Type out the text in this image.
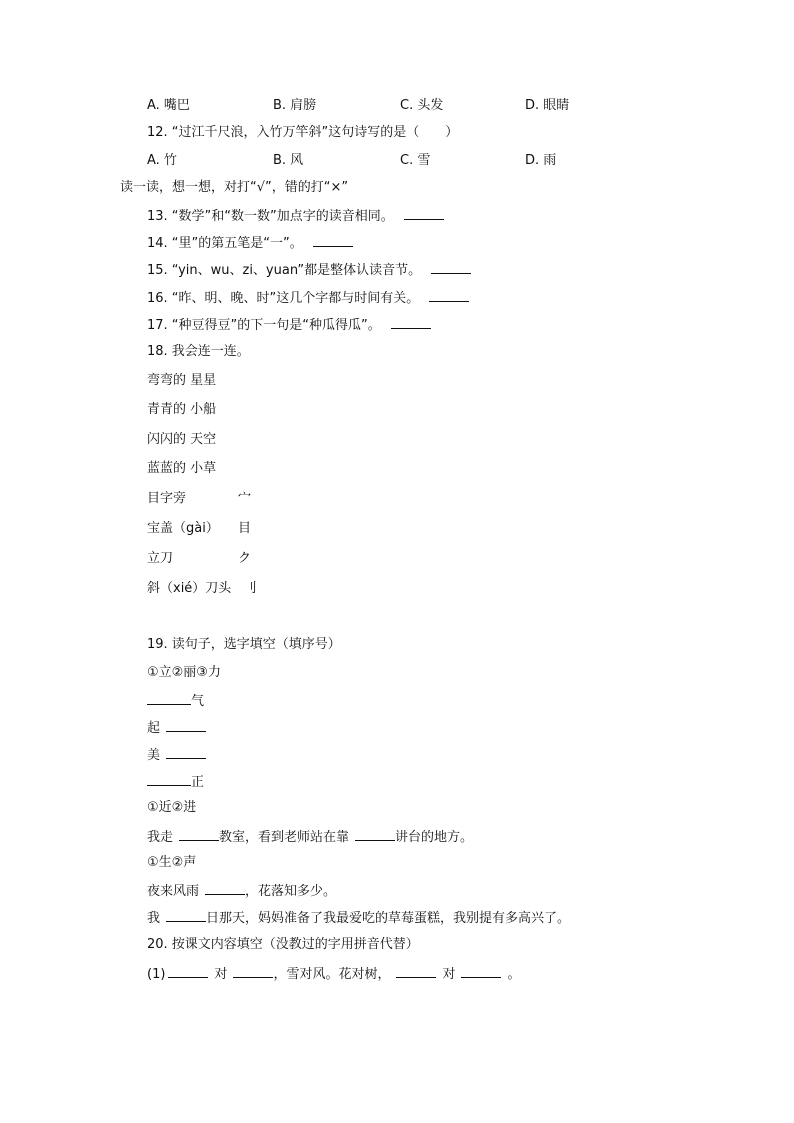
A. 嘴巴	B. 肩膀	C. 头发	D. 眼睛
12. “过江千尺浪，入竹万竿斜”这句诗写的是（　　）
A. 竹	B. 风	C. 雪	D. 雨
读一读，想一想，对打“√”，错的打“×”
13. “数学”和“数一数”加点字的读音相同。
14. “里”的第五笔是“一”。
15. “yin、wu、zi、yuan”都是整体认读音节。
16. “昨、明、晚、时”这几个字都与时间有关。
17. “种豆得豆”的下一句是“种瓜得瓜”。
18. 我会连一连。
弯弯的 星星
青青的 小船
闪闪的 天空
蓝蓝的 小草
目字旁	宀
宝盖（gài） 目
立刀	ク
斜（xié）刀头 刂
19. 读句子，选字填空（填序号）
①立②丽③力
气
起
美
正
①近②进
我走	教室，看到老师站在靠	讲台的地方。
①生②声
夜来风雨	，花落知多少。
我	日那天，妈妈准备了我最爱吃的草莓蛋糕，我别提有多高兴了。
20. 按课文内容填空（没教过的字用拼音代替）
(1)	对	，雪对风。花对树，	对	。
